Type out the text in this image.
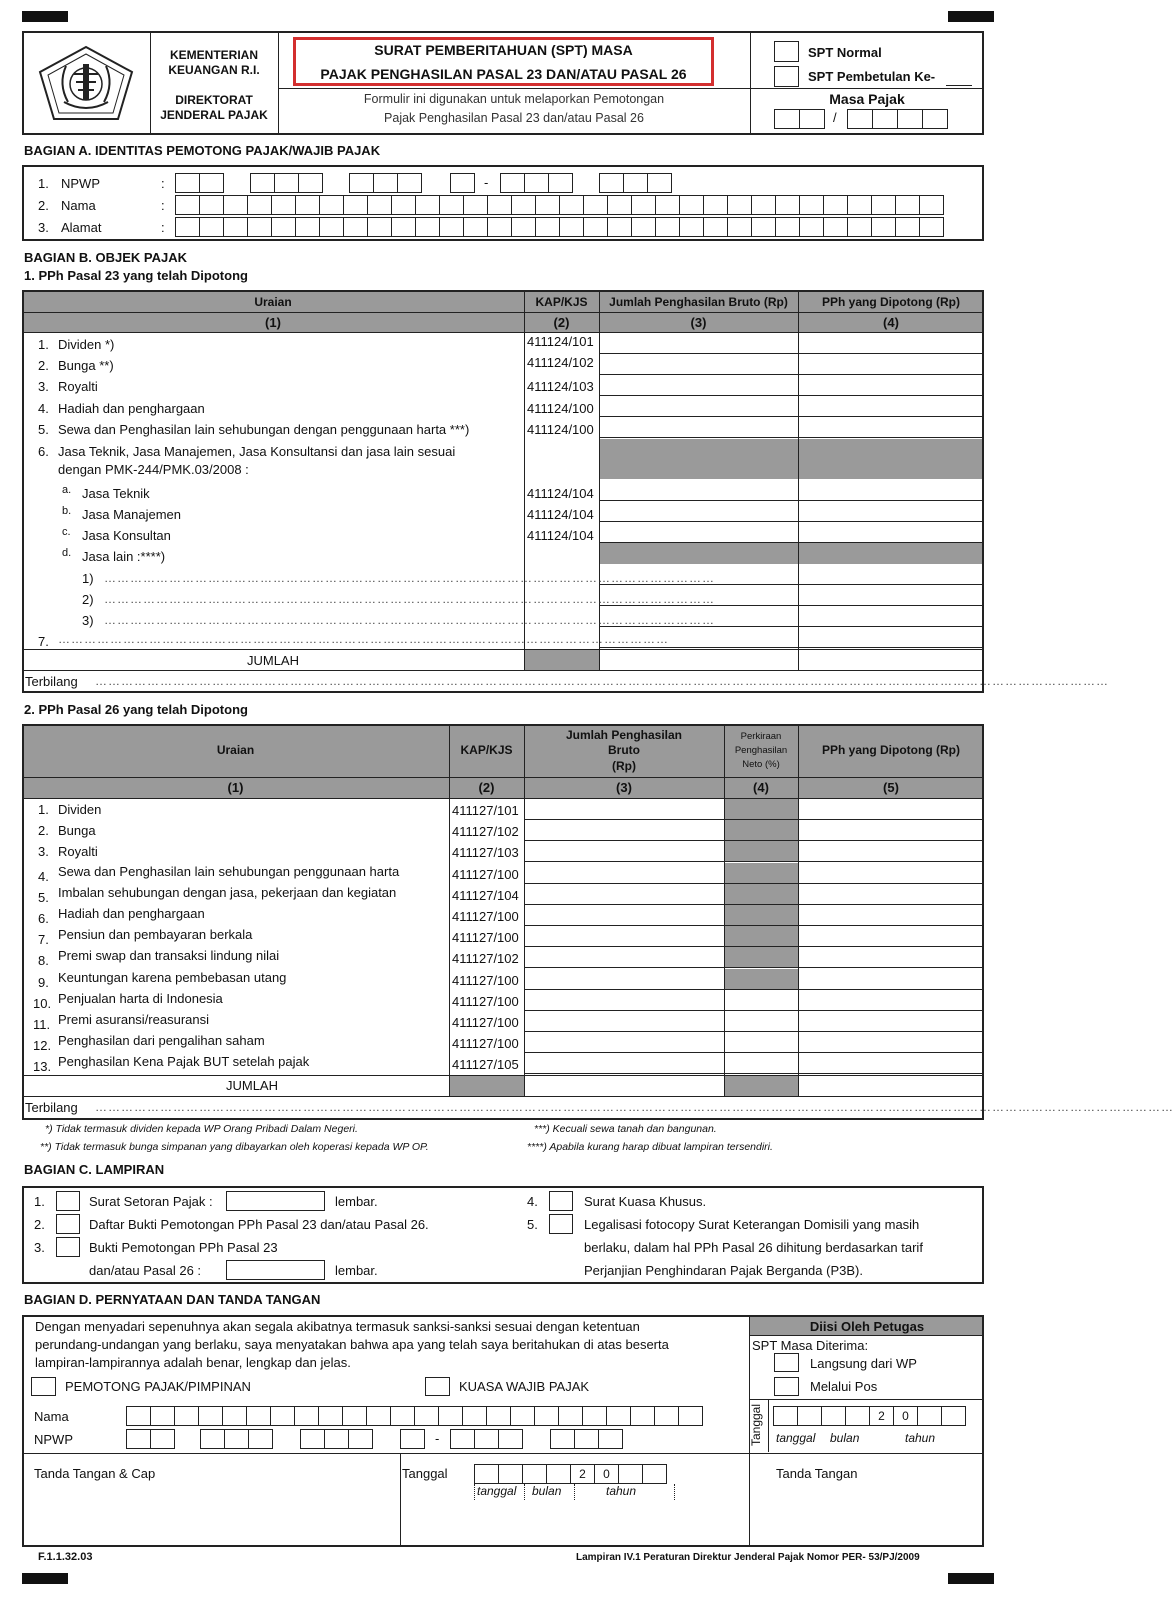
KEMENTERIAN
KEUANGAN R.I.
DIREKTORAT
JENDERAL PAJAK
SURAT PEMBERITAHUAN (SPT) MASA
PAJAK PENGHASILAN PASAL 23 DAN/ATAU PASAL 26
Formulir ini digunakan untuk melaporkan Pemotongan
Pajak Penghasilan Pasal 23 dan/atau Pasal 26
SPT Normal
SPT Pembetulan Ke-
Masa Pajak
/
BAGIAN A. IDENTITAS PEMOTONG PAJAK/WAJIB PAJAK
1. NPWP	:
2. Nama	:
3. Alamat	:
-
BAGIAN B. OBJEK PAJAK
1. PPh Pasal 23 yang telah Dipotong
Uraian	KAP/KJS	Jumlah Penghasilan Bruto (Rp)	PPh yang Dipotong (Rp)
(1)	(2)	(3)	(4)
1. Dividen *)	411124/101
2. Bunga **)	411124/102
3. Royalti	411124/103
4. Hadiah dan penghargaan	411124/100
5. Sewa dan Penghasilan lain sehubungan dengan penggunaan harta ***)	411124/100
6. Jasa Teknik, Jasa Manajemen, Jasa Konsultansi dan jasa lain sesuai
dengan PMK-244/PMK.03/2008 :
a. Jasa Teknik	411124/104
b. Jasa Manajemen	411124/104
c. Jasa Konsultan	411124/104
d. Jasa lain :****)
1) ……………………………………………………………………………………………………………………………
2) ……………………………………………………………………………………………………………………………
3) ……………………………………………………………………………………………………………………………
7. ……………………………………………………………………………………………………………………………
JUMLAH
Terbilang ………………………………………………………………………………………………………………………………………………………………………………………………………………
2. PPh Pasal 26 yang telah Dipotong
Uraian	KAP/KJS
Jumlah Penghasilan
Bruto
(Rp)
Perkiraan
Penghasilan
Neto (%)
PPh yang Dipotong (Rp)
(1)	(2)	(3)	(4)	(5)
1. Dividen	411127/101
2. Bunga	411127/102
3. Royalti	411127/103
4. Sewa dan Penghasilan lain sehubungan penggunaan harta	411127/100
5. Imbalan sehubungan dengan jasa, pekerjaan dan kegiatan	411127/104
6. Hadiah dan penghargaan	411127/100
7. Pensiun dan pembayaran berkala	411127/100
8. Premi swap dan transaksi lindung nilai	411127/102
9. Keuntungan karena pembebasan utang	411127/100
10. Penjualan harta di Indonesia	411127/100
11. Premi asuransi/reasuransi	411127/100
12. Penghasilan dari pengalihan saham	411127/100
13. Penghasilan Kena Pajak BUT setelah pajak	411127/105
JUMLAH
Terbilang ……………………………………………………………………………………………………………………………………………………………………………………………………………………………
*) Tidak termasuk dividen kepada WP Orang Pribadi Dalam Negeri.
**) Tidak termasuk bunga simpanan yang dibayarkan oleh koperasi kepada WP OP.
***) Kecuali sewa tanah dan bangunan.
****) Apabila kurang harap dibuat lampiran tersendiri.
BAGIAN C. LAMPIRAN
1.	Surat Setoran Pajak :	lembar.
2.	Daftar Bukti Pemotongan PPh Pasal 23 dan/atau Pasal 26.
3.	Bukti Pemotongan PPh Pasal 23
dan/atau Pasal 26 :	lembar.
4.	Surat Kuasa Khusus.
5.	Legalisasi fotocopy Surat Keterangan Domisili yang masih
berlaku, dalam hal PPh Pasal 26 dihitung berdasarkan tarif
Perjanjian Penghindaran Pajak Berganda (P3B).
BAGIAN D. PERNYATAAN DAN TANDA TANGAN
Dengan menyadari sepenuhnya akan segala akibatnya termasuk sanksi-sanksi sesuai dengan ketentuan
perundang-undangan yang berlaku, saya menyatakan bahwa apa yang telah saya beritahukan di atas beserta
lampiran-lampirannya adalah benar, lengkap dan jelas.
PEMOTONG PAJAK/PIMPINAN	KUASA WAJIB PAJAK
Nama
NPWP	-
Tanda Tangan & Cap	Tanggal	2	0
tanggal bulan	tahun
Diisi Oleh Petugas
SPT Masa Diterima:
Langsung dari WP
Melalui Pos
Tanggal	2	0
tanggal bulan	tahun
Tanda Tangan
F.1.1.32.03	Lampiran IV.1 Peraturan Direktur Jenderal Pajak Nomor PER- 53/PJ/2009
